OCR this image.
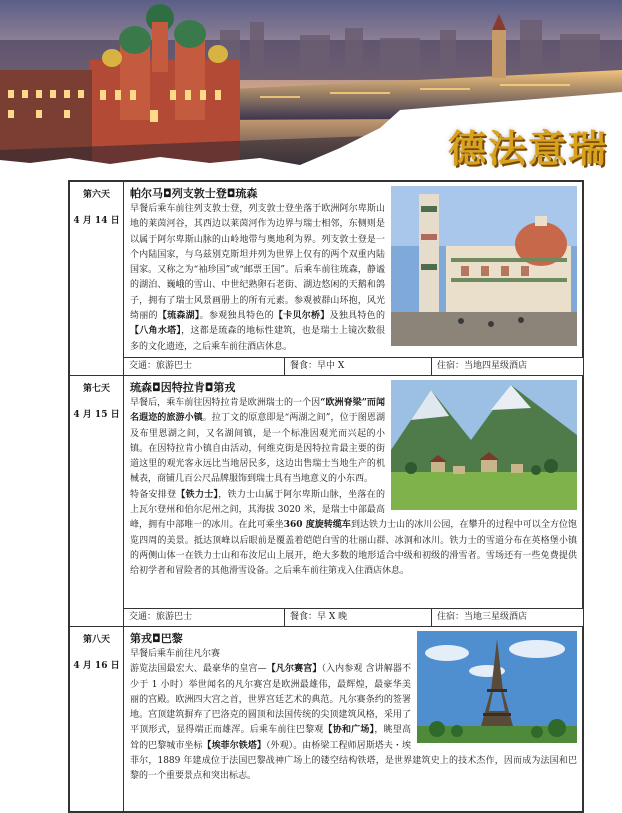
德法意瑞
第六天
4 月 14 日

帕尔马◘列支敦士登◘琉森

早餐后乘车前往列支敦士登，列支敦士登坐落于欧洲阿尔卑斯山地的莱茵河谷，其西边以莱茵河作为边界与瑞士相邻，东侧则是以属于阿尔卑斯山脉的山岭地带与奥地利为界。列支敦士登是一个内陆国家，与乌兹别克斯坦并列为世界上仅有的两个双重内陆国家。又称之为“袖珍国”或“邮票王国”。后乘车前往琉森，静谧的湖泊、巍峨的雪山、中世纪熟卵石老街、湖边悠闲的天鹅和鸽子，拥有了瑞士风景画册上的所有元素。参观被群山环抱，风光绮丽的【琉森湖】。参观独具特色的【卡贝尔桥】及独具特色的【八角水塔】，这都是琉森的地标性建筑，也是瑞士上镜次数很多的文化遗迹，之后乘车前往酒店休息。

交通：旅游巴士	餐食：早中 X	住宿：当地四星级酒店

第七天
4 月 15 日

琉森◘因特拉肯◘第戎

早餐后，乘车前往因特拉肯是欧洲瑞士的一个因“欧洲脊梁”而闻名遐迩的旅游小镇。拉丁文的原意即是“两湖之间”，位于图恩湖及布里恩湖之间，又名湖间镇，是一个标准因观光而兴起的小镇。在因特拉肯小镇自由活动，何维克街是因特拉肯最主要的街道这里的观光客永远比当地居民多，这边出售瑞士当地生产的机械表，商铺几百公尺品牌服饰到瑞士具有当地意义的小东西。

特备安排登【铁力士】，铁力士山属于阿尔卑斯山脉，坐落在的上瓦尔登州和伯尔尼州之间，其海拔 3020 米，是瑞士中部最高峰，拥有中部唯一的冰川。在此可乘坐360 度旋转缆车到达铁力士山的冰川公园，在攀升的过程中可以全方位饱览四周的美景。抵达顶峰以后眼前是覆盖着皑皑白雪的壮丽山群、冰洞和冰川。铁力士的雪道分布在英格堡小镇的两侧山体一在铁力士山和布汝尼山上展开，绝大多数的地形适合中级和初级的滑雪者。雪场还有一些免费提供给初学者和冒险者的其他滑雪设备。之后乘车前往第戎入住酒店休息。

交通：旅游巴士	餐食：早 X 晚	住宿：当地三星级酒店

第八天
4 月 16 日

第戎◘巴黎

早餐后乘车前往凡尔赛

游览法国最宏大、最豪华的皇宫—【凡尔赛宫】（入内参观 含讲解器不少于 1 小时）举世闻名的凡尔赛宫是欧洲最雄伟，最辉煌，最豪华美丽的宫殿。欧洲四大宫之首，世界宫廷艺术的典范。凡尔赛条约的签署地。宫顶建筑摒弃了巴洛克的圆顶和法国传统的尖顶建筑风格，采用了平顶形式，显得端正而雄浑。后乘车前往巴黎观【协和广场】，眺望高耸的巴黎城市坐标【埃菲尔铁塔】（外观）。由桥梁工程师居斯塔夫・埃菲尔，1889 年建成位于法国巴黎战神广场上的镂空结构铁塔，是世界建筑史上的技术杰作，因而成为法国和巴黎的一个重要景点和突出标志。
